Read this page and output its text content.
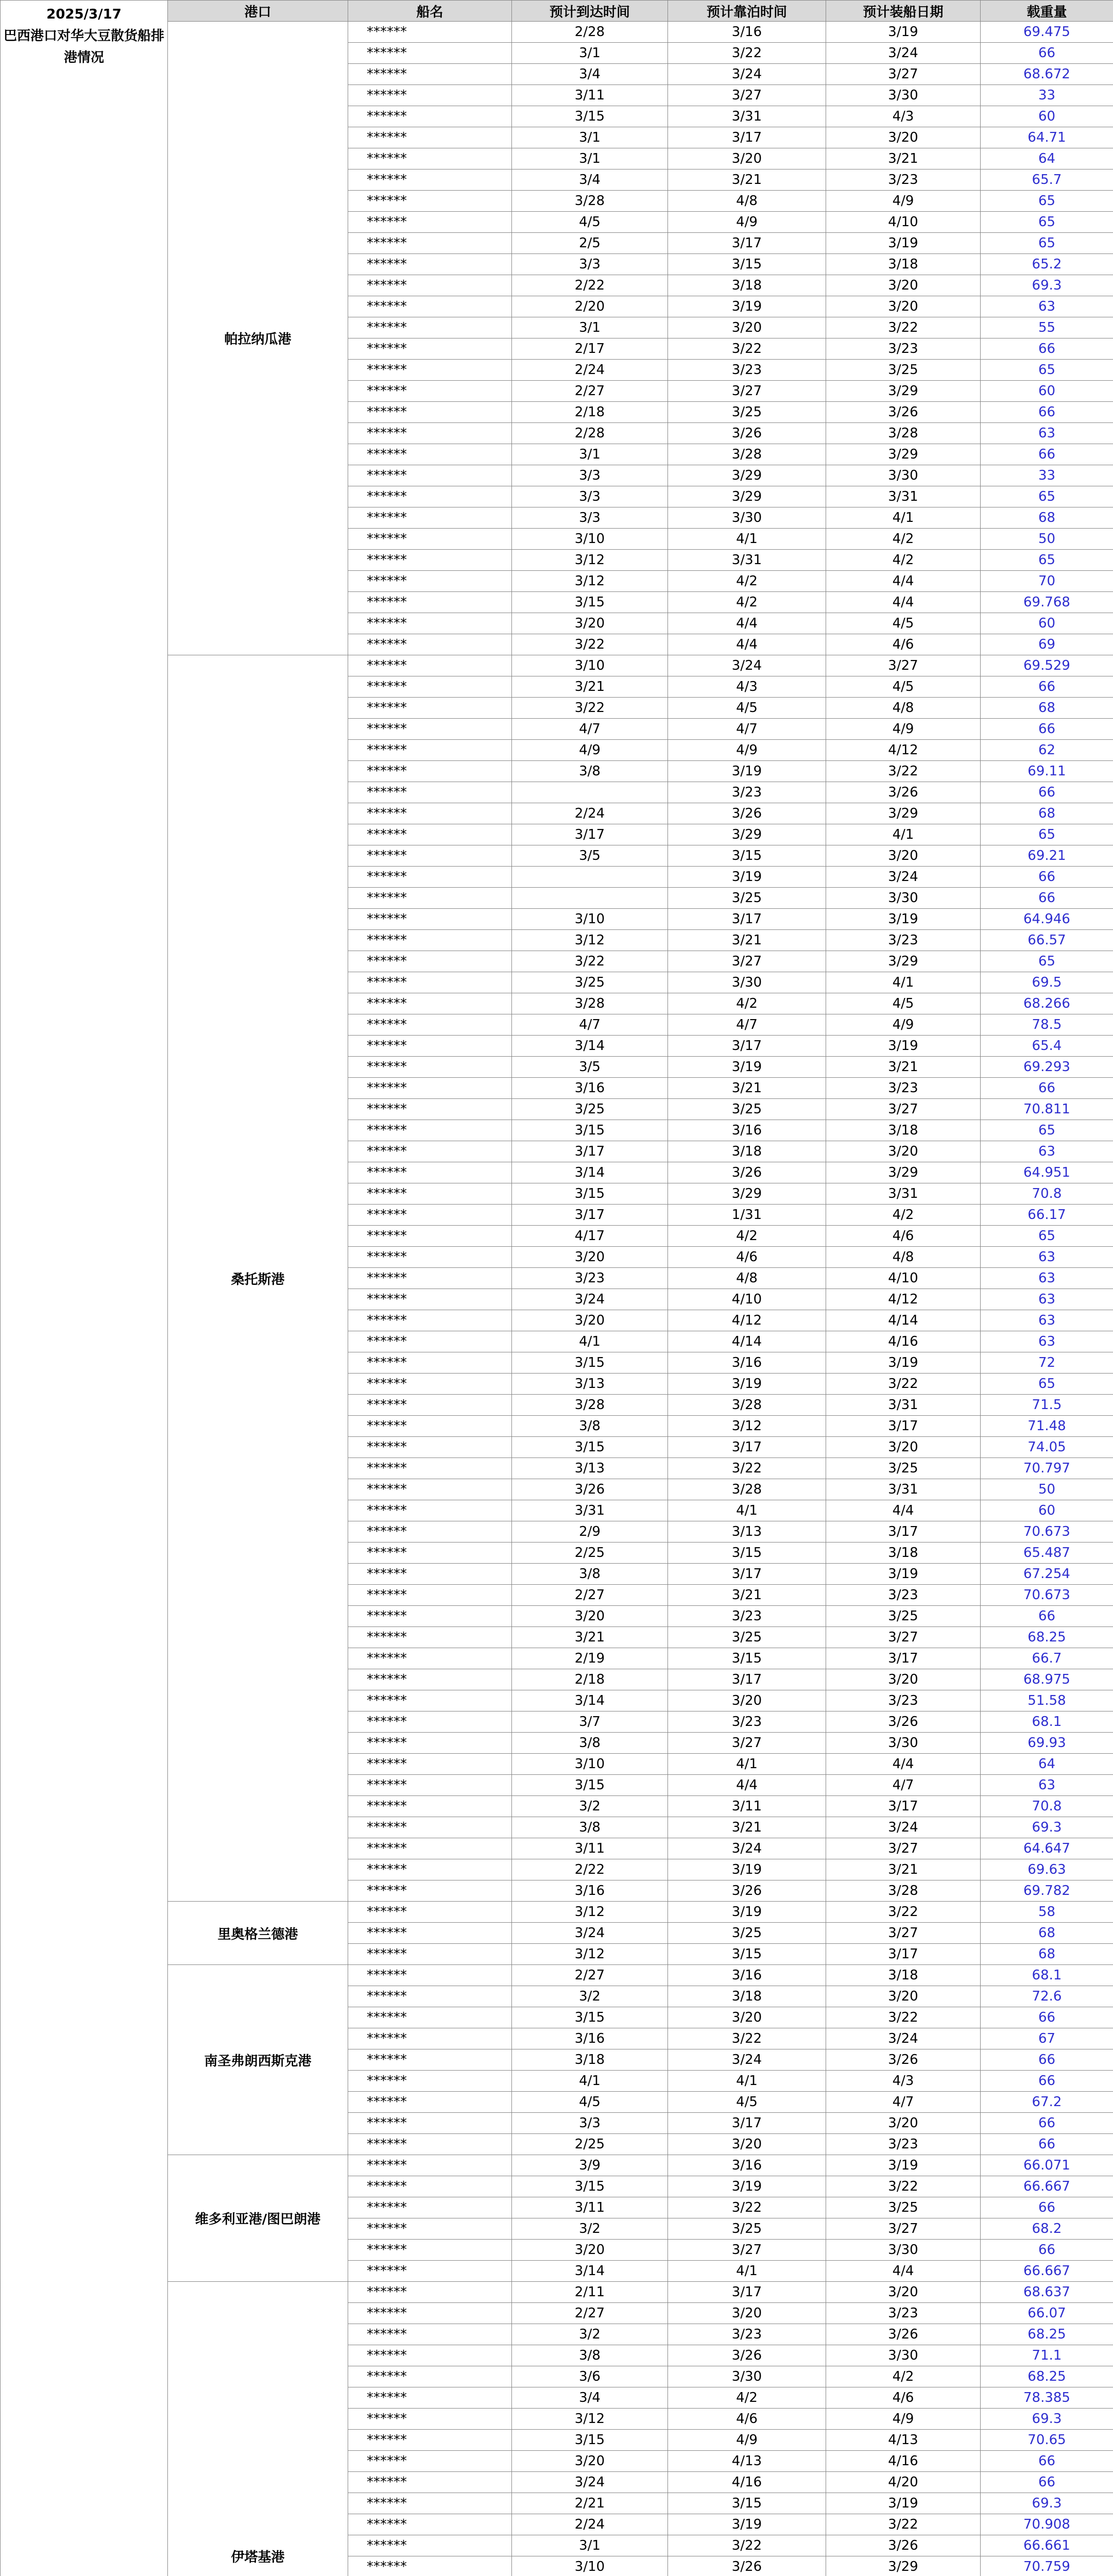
2025/3/17
巴西港口对华大豆散货船排港情况	港口	船名	预计到达时间	预计靠泊时间	预计装船日期	载重量
	帕拉纳瓜港	******	2/28	3/16	3/19	69.475
		******	3/1	3/22	3/24	66
		******	3/4	3/24	3/27	68.672
		******	3/11	3/27	3/30	33
		******	3/15	3/31	4/3	60
		******	3/1	3/17	3/20	64.71
		******	3/1	3/20	3/21	64
		******	3/4	3/21	3/23	65.7
		******	3/28	4/8	4/9	65
		******	4/5	4/9	4/10	65
		******	2/5	3/17	3/19	65
		******	3/3	3/15	3/18	65.2
		******	2/22	3/18	3/20	69.3
		******	2/20	3/19	3/20	63
		******	3/1	3/20	3/22	55
		******	2/17	3/22	3/23	66
		******	2/24	3/23	3/25	65
		******	2/27	3/27	3/29	60
		******	2/18	3/25	3/26	66
		******	2/28	3/26	3/28	63
		******	3/1	3/28	3/29	66
		******	3/3	3/29	3/30	33
		******	3/3	3/29	3/31	65
		******	3/3	3/30	4/1	68
		******	3/10	4/1	4/2	50
		******	3/12	3/31	4/2	65
		******	3/12	4/2	4/4	70
		******	3/15	4/2	4/4	69.768
		******	3/20	4/4	4/5	60
		******	3/22	4/4	4/6	69
	桑托斯港	******	3/10	3/24	3/27	69.529
		******	3/21	4/3	4/5	66
		******	3/22	4/5	4/8	68
		******	4/7	4/7	4/9	66
		******	4/9	4/9	4/12	62
		******	3/8	3/19	3/22	69.11
		******		3/23	3/26	66
		******	2/24	3/26	3/29	68
		******	3/17	3/29	4/1	65
		******	3/5	3/15	3/20	69.21
		******		3/19	3/24	66
		******		3/25	3/30	66
		******	3/10	3/17	3/19	64.946
		******	3/12	3/21	3/23	66.57
		******	3/22	3/27	3/29	65
		******	3/25	3/30	4/1	69.5
		******	3/28	4/2	4/5	68.266
		******	4/7	4/7	4/9	78.5
		******	3/14	3/17	3/19	65.4
		******	3/5	3/19	3/21	69.293
		******	3/16	3/21	3/23	66
		******	3/25	3/25	3/27	70.811
		******	3/15	3/16	3/18	65
		******	3/17	3/18	3/20	63
		******	3/14	3/26	3/29	64.951
		******	3/15	3/29	3/31	70.8
		******	3/17	1/31	4/2	66.17
		******	4/17	4/2	4/6	65
		******	3/20	4/6	4/8	63
		******	3/23	4/8	4/10	63
		******	3/24	4/10	4/12	63
		******	3/20	4/12	4/14	63
		******	4/1	4/14	4/16	63
		******	3/15	3/16	3/19	72
		******	3/13	3/19	3/22	65
		******	3/28	3/28	3/31	71.5
		******	3/8	3/12	3/17	71.48
		******	3/15	3/17	3/20	74.05
		******	3/13	3/22	3/25	70.797
		******	3/26	3/28	3/31	50
		******	3/31	4/1	4/4	60
		******	2/9	3/13	3/17	70.673
		******	2/25	3/15	3/18	65.487
		******	3/8	3/17	3/19	67.254
		******	2/27	3/21	3/23	70.673
		******	3/20	3/23	3/25	66
		******	3/21	3/25	3/27	68.25
		******	2/19	3/15	3/17	66.7
		******	2/18	3/17	3/20	68.975
		******	3/14	3/20	3/23	51.58
		******	3/7	3/23	3/26	68.1
		******	3/8	3/27	3/30	69.93
		******	3/10	4/1	4/4	64
		******	3/15	4/4	4/7	63
		******	3/2	3/11	3/17	70.8
		******	3/8	3/21	3/24	69.3
		******	3/11	3/24	3/27	64.647
		******	2/22	3/19	3/21	69.63
		******	3/16	3/26	3/28	69.782
	里奥格兰德港	******	3/12	3/19	3/22	58
		******	3/24	3/25	3/27	68
		******	3/12	3/15	3/17	68
	南圣弗朗西斯克港	******	2/27	3/16	3/18	68.1
		******	3/2	3/18	3/20	72.6
		******	3/15	3/20	3/22	66
		******	3/16	3/22	3/24	67
		******	3/18	3/24	3/26	66
		******	4/1	4/1	4/3	66
		******	4/5	4/5	4/7	67.2
		******	3/3	3/17	3/20	66
		******	2/25	3/20	3/23	66
	维多利亚港/图巴朗港	******	3/9	3/16	3/19	66.071
		******	3/15	3/19	3/22	66.667
		******	3/11	3/22	3/25	66
		******	3/2	3/25	3/27	68.2
		******	3/20	3/27	3/30	66
		******	3/14	4/1	4/4	66.667
	伊塔基港	******	2/11	3/17	3/20	68.637
		******	2/27	3/20	3/23	66.07
		******	3/2	3/23	3/26	68.25
		******	3/8	3/26	3/30	71.1
		******	3/6	3/30	4/2	68.25
		******	3/4	4/2	4/6	78.385
		******	3/12	4/6	4/9	69.3
		******	3/15	4/9	4/13	70.65
		******	3/20	4/13	4/16	66
		******	3/24	4/16	4/20	66
		******	2/21	3/15	3/19	69.3
		******	2/24	3/19	3/22	70.908
		******	3/1	3/22	3/26	66.661
		******	3/10	3/26	3/29	70.759
